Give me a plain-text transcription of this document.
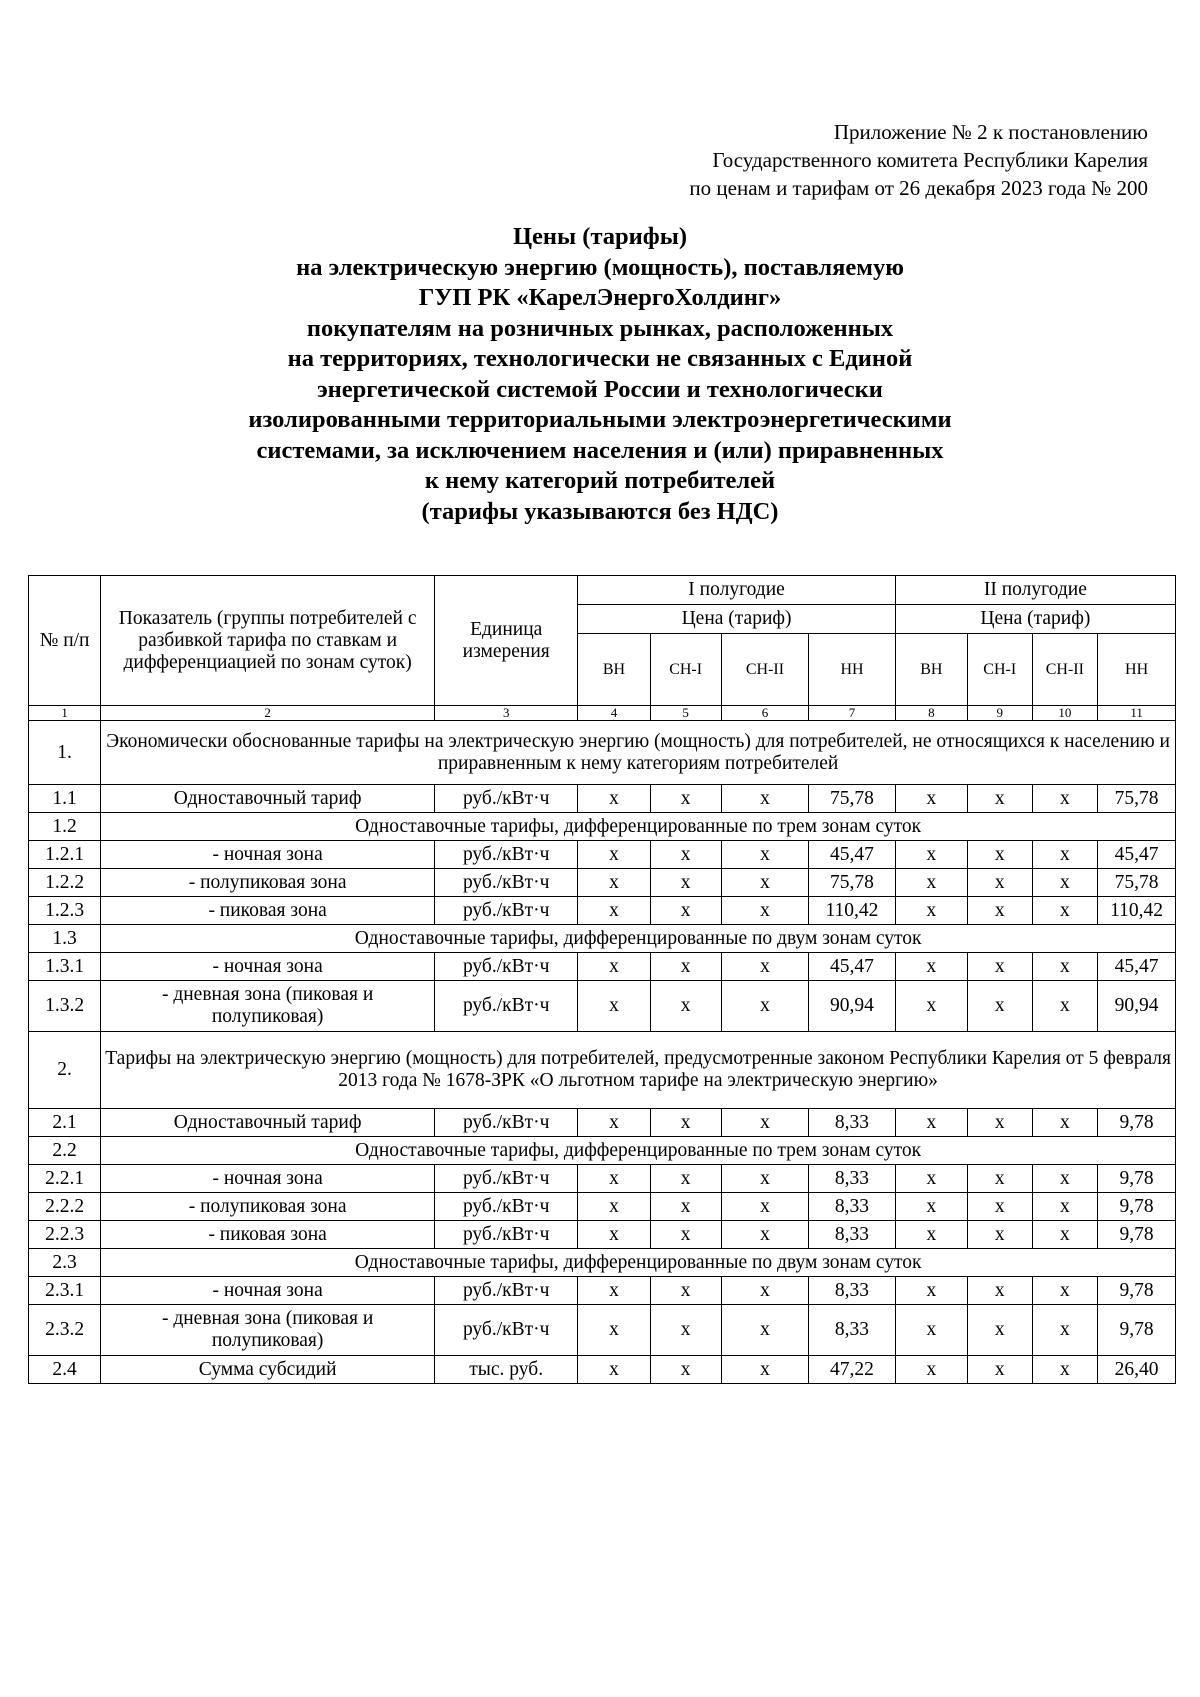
Приложение № 2 к постановлению
Государственного комитета Республики Карелия
по ценам и тарифам от 26 декабря 2023 года № 200
Цены (тарифы)
на электрическую энергию (мощность), поставляемую
ГУП РК «КарелЭнергоХолдинг»
покупателям на розничных рынках, расположенных
на территориях, технологически не связанных с Единой
энергетической системой России и технологически
изолированными территориальными электроэнергетическими
системами, за исключением населения и (или) приравненных
к нему категорий потребителей
(тарифы указываются без НДС)
№ п/п	Показатель (группы потребителей с разбивкой тарифа по ставкам и дифференциацией по зонам суток)	Единица измерения	I полугодие				II полугодие			
			Цена (тариф)				Цена (тариф)			
			ВН	СН-I	СН-II	НН	ВН	СН-I	СН-II	НН
1	2	3	4	5	6	7	8	9	10	11
1.	Экономически обоснованные тарифы на электрическую энергию (мощность) для потребителей, не относящихся к населению и приравненным к нему категориям потребителей									
1.1	Одноставочный тариф	руб./кВт·ч	х	х	х	75,78	х	х	х	75,78
1.2	Одноставочные тарифы, дифференцированные по трем зонам суток									
1.2.1	- ночная зона	руб./кВт·ч	х	х	х	45,47	х	х	х	45,47
1.2.2	- полупиковая зона	руб./кВт·ч	х	х	х	75,78	х	х	х	75,78
1.2.3	- пиковая зона	руб./кВт·ч	х	х	х	110,42	х	х	х	110,42
1.3	Одноставочные тарифы, дифференцированные по двум зонам суток									
1.3.1	- ночная зона	руб./кВт·ч	х	х	х	45,47	х	х	х	45,47
1.3.2	- дневная зона (пиковая и полупиковая)	руб./кВт·ч	х	х	х	90,94	х	х	х	90,94
2.	Тарифы на электрическую энергию (мощность) для потребителей, предусмотренные законом Республики Карелия от 5 февраля 2013 года № 1678-ЗРК «О льготном тарифе на электрическую энергию»									
2.1	Одноставочный тариф	руб./кВт·ч	х	х	х	8,33	х	х	х	9,78
2.2	Одноставочные тарифы, дифференцированные по трем зонам суток									
2.2.1	- ночная зона	руб./кВт·ч	х	х	х	8,33	х	х	х	9,78
2.2.2	- полупиковая зона	руб./кВт·ч	х	х	х	8,33	х	х	х	9,78
2.2.3	- пиковая зона	руб./кВт·ч	х	х	х	8,33	х	х	х	9,78
2.3	Одноставочные тарифы, дифференцированные по двум зонам суток									
2.3.1	- ночная зона	руб./кВт·ч	х	х	х	8,33	х	х	х	9,78
2.3.2	- дневная зона (пиковая и полупиковая)	руб./кВт·ч	х	х	х	8,33	х	х	х	9,78
2.4	Сумма субсидий	тыс. руб.	х	х	х	47,22	х	х	х	26,40
